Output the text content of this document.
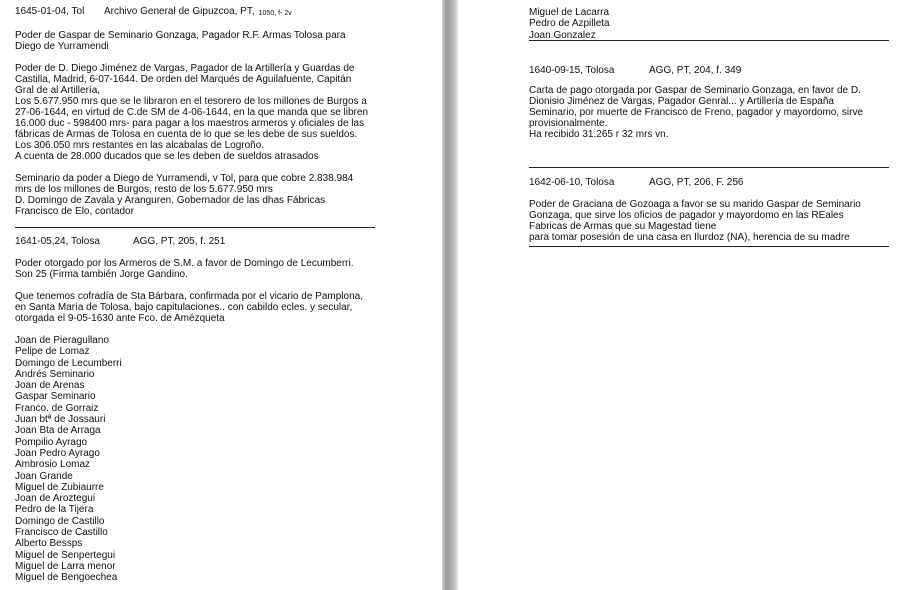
1645-01-04, Tol	Archivo General de Gipuzcoa, PT, 1050, f- 2v
Poder de Gaspar de Seminario Gonzaga, Pagador R.F. Armas Tolosa para
Diego de Yurramendi
Poder de D. Diego Jiménez de Vargas, Pagador de la Artillería y Guardas de
Castilla, Madrid, 6-07-1644. De orden del Marqués de Aguilafuente, Capitán
Gral de al Artillería,
Los 5.677.950 mrs que se le libraron en el tesorero de los millones de Burgos a
27-06-1644, en virtud de C.de SM de 4-06-1644, en la que manda que se libren
16.000 duc - 598400 mrs- para pagar a los maestros armeros y oficiales de las
fábricas de Armas de Tolosa en cuenta de lo que se les debe de sus sueldos.
Los 306.050 mrs restantes en las alcabalas de Logroño.
A cuenta de 28.000 ducados que se les deben de sueldos atrasados
Seminario da poder a Diego de Yurramendi, v Tol, para que cobre 2.838.984
mrs de los millones de Burgos, resto de los 5.677.950 mrs
D. Domingo de Zavala y Aranguren, Gobernador de las dhas Fábricas
Francisco de Elo, contador
1641-05,24, Tolosa	AGG, PT, 205, f. 251
Poder otorgado por los Armeros de S.M. a favor de Domingo de Lecumberri.
Son 25 (Firma también Jorge Gandino.
Que tenemos cofradía de Sta Bárbara, confirmada por el vicario de Pamplona,
en Santa María de Tolosa, bajo capitulaciones.. con cabildo ecles. y secular,
otorgada el 9-05-1630 ante Fco. de Amézqueta
Joan de Pieragullano
Pelipe de Lomaz
Domingo de Lecumberri
Andrés Seminario
Joan de Arenas
Gaspar Seminario
Franco. de Gorraiz
Juan btª de Jossauri
Joan Bta de Arraga
Pompilio Ayrago
Joan Pedro Ayrago
Ambrosio Lomaz
Joan Grande
Miguel de Zubiaurre
Joan de Aroztegui
Pedro de la Tijera
Domingo de Castillo
Francisco de Castillo
Alberto Bessps
Miguel de Senpertegui
Miguel de Larra menor
Miguel de Bengoechea
Miguel de Lacarra
Pedro de Azpilleta
Joan Gonzalez
1640-09-15, Tolosa	AGG, PT, 204, f. 349
Carta de pago otorgada por Gaspar de Seminario Gonzaga, en favor de D.
Dionisio Jiménez de Vargas, Pagador Genral... y Artillería de España
Seminario, por muerte de Francisco de Freno, pagador y mayordomo, sirve
provisionalmente.
Ha recibido 31.265 r 32 mrs vn.
1642-06-10, Tolosa	AGG, PT, 206, F. 256
Poder de Graciana de Gozoaga a favor se su marido Gaspar de Seminario
Gonzaga, que sirve los oficios de pagador y mayordomo en las REales
Fabricas de Armas que su Magestad tiene
para tomar posesión de una casa en Ilurdoz (NA), herencia de su madre
